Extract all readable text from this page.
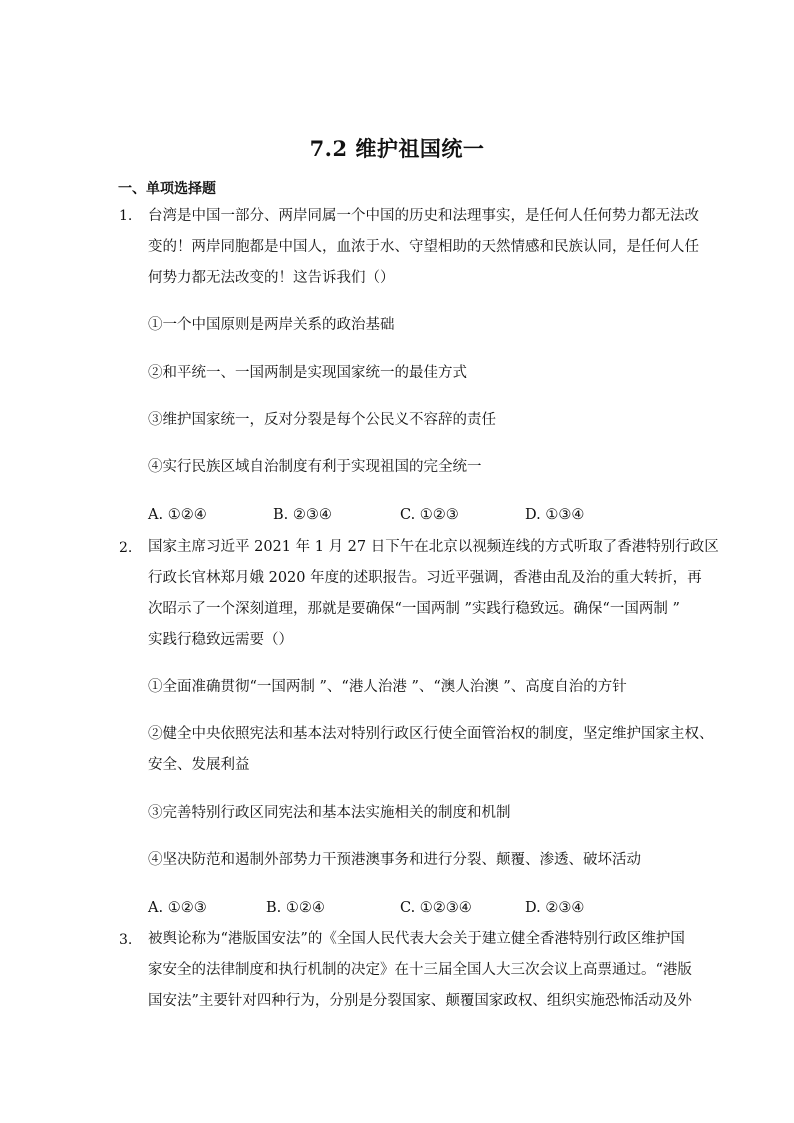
7.2 维护祖国统一
一、单项选择题
1. 台湾是中国一部分、两岸同属一个中国的历史和法理事实，是任何人任何势力都无法改
变的！两岸同胞都是中国人，血浓于水、守望相助的天然情感和民族认同，是任何人任
何势力都无法改变的！这告诉我们（）
①一个中国原则是两岸关系的政治基础
②和平统一、一国两制是实现国家统一的最佳方式
③维护国家统一，反对分裂是每个公民义不容辞的责任
④实行民族区域自治制度有利于实现祖国的完全统一
A. ①②④	B. ②③④	C. ①②③	D. ①③④
2. 国家主席习近平 2021 年 1 月 27 日下午在北京以视频连线的方式听取了香港特别行政区
行政长官林郑月娥 2020 年度的述职报告。习近平强调，香港由乱及治的重大转折，再
次昭示了一个深刻道理，那就是要确保“一国两制 ”实践行稳致远。确保“一国两制 ”
实践行稳致远需要（）
①全面准确贯彻“一国两制 ”、“港人治港 ”、“澳人治澳 ”、高度自治的方针
②健全中央依照宪法和基本法对特别行政区行使全面管治权的制度，坚定维护国家主权、
安全、发展利益
③完善特别行政区同宪法和基本法实施相关的制度和机制
④坚决防范和遏制外部势力干预港澳事务和进行分裂、颠覆、渗透、破坏活动
A. ①②③	B. ①②④	C. ①②③④	D. ②③④
3. 被舆论称为“港版国安法”的《全国人民代表大会关于建立健全香港特别行政区维护国
家安全的法律制度和执行机制的决定》在十三届全国人大三次会议上高票通过。“港版
国安法”主要针对四种行为，分别是分裂国家、颠覆国家政权、组织实施恐怖活动及外
